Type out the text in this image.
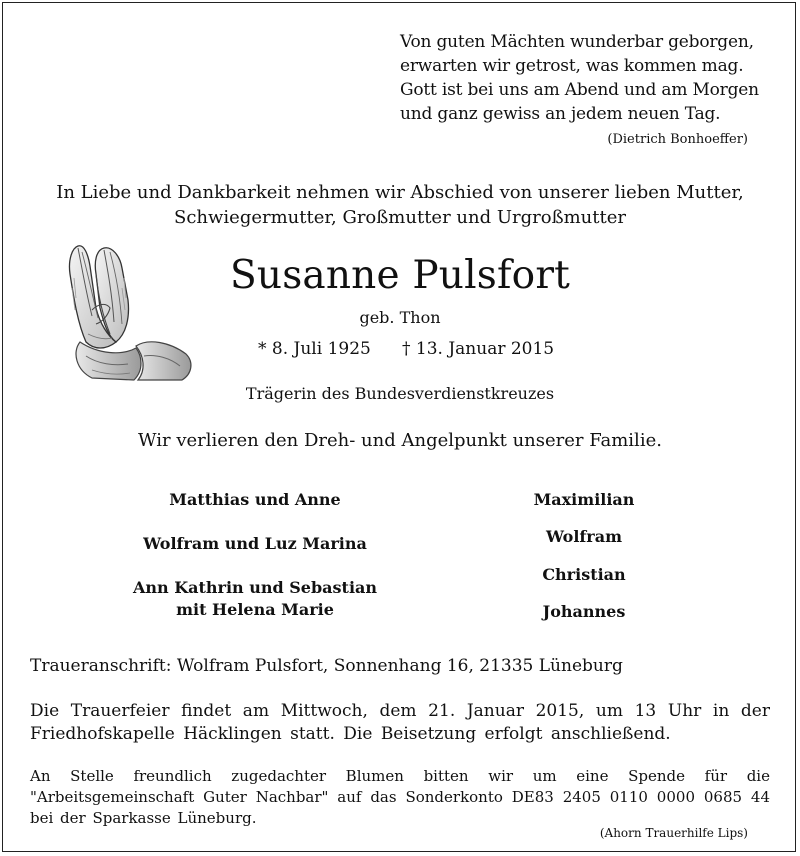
Von guten Mächten wunderbar geborgen,
erwarten wir getrost, was kommen mag.
Gott ist bei uns am Abend und am Morgen
und ganz gewiss an jedem neuen Tag.
(Dietrich Bonhoeffer)
In Liebe und Dankbarkeit nehmen wir Abschied von unserer lieben Mutter,
Schwiegermutter, Großmutter und Urgroßmutter
Susanne Pulsfort
geb. Thon
* 8. Juli 1925 † 13. Januar 2015
Trägerin des Bundesverdienstkreuzes
Wir verlieren den Dreh- und Angelpunkt unserer Familie.
Matthias und Anne
Wolfram und Luz Marina
Ann Kathrin und Sebastian
mit Helena Marie
Maximilian
Wolfram
Christian
Johannes
Traueranschrift: Wolfram Pulsfort, Sonnenhang 16, 21335 Lüneburg
Die Trauerfeier findet am Mittwoch, dem 21. Januar 2015, um 13 Uhr in der Friedhofskapelle Häcklingen statt. Die Beisetzung erfolgt anschließend.
An Stelle freundlich zugedachter Blumen bitten wir um eine Spende für die
"Arbeitsgemeinschaft Guter Nachbar" auf das Sonderkonto DE83 2405 0110 0000 0685 44
bei der Sparkasse Lüneburg.
(Ahorn Trauerhilfe Lips)
